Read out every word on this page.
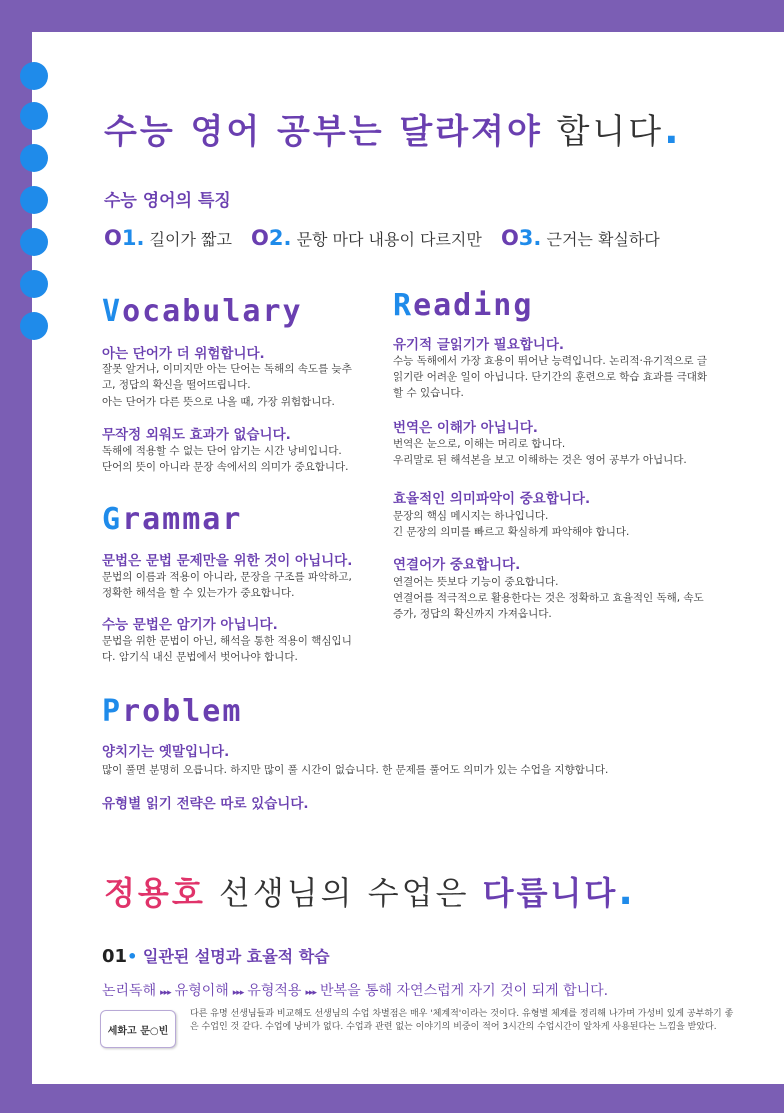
수능 영어 공부는 달라져야 합니다.
수능 영어의 특징
O1. 길이가 짧고 O2. 문항 마다 내용이 다르지만 O3. 근거는 확실하다
Vocabulary
아는 단어가 더 위험합니다.
잘못 알거나, 이미지만 아는 단어는 독해의 속도를 늦추고, 정답의 확신을 떨어뜨립니다.
아는 단어가 다른 뜻으로 나올 때, 가장 위험합니다.
무작정 외워도 효과가 없습니다.
독해에 적용할 수 없는 단어 암기는 시간 낭비입니다.
단어의 뜻이 아니라 문장 속에서의 의미가 중요합니다.
Grammar
문법은 문법 문제만을 위한 것이 아닙니다.
문법의 이름과 적용이 아니라, 문장을 구조를 파악하고, 정확한 해석을 할 수 있는가가 중요합니다.
수능 문법은 암기가 아닙니다.
문법을 위한 문법이 아닌, 해석을 통한 적용이 핵심입니다. 암기식 내신 문법에서 벗어나야 합니다.
Problem
양치기는 옛말입니다.
많이 풀면 분명히 오릅니다. 하지만 많이 풀 시간이 없습니다. 한 문제를 풀어도 의미가 있는 수업을 지향합니다.
유형별 읽기 전략은 따로 있습니다.
Reading
유기적 글읽기가 필요합니다.
수능 독해에서 가장 효용이 뛰어난 능력입니다. 논리적·유기적으로 글 읽기란 어려운 일이 아닙니다. 단기간의 훈련으로 학습 효과를 극대화할 수 있습니다.
번역은 이해가 아닙니다.
번역은 눈으로, 이해는 머리로 합니다.
우리말로 된 해석본을 보고 이해하는 것은 영어 공부가 아닙니다.
효율적인 의미파악이 중요합니다.
문장의 핵심 메시지는 하나입니다.
긴 문장의 의미를 빠르고 확실하게 파악해야 합니다.
연결어가 중요합니다.
연결어는 뜻보다 기능이 중요합니다.
연결어를 적극적으로 활용한다는 것은 정확하고 효율적인 독해, 속도 증가, 정답의 확신까지 가져옵니다.
정용호 선생님의 수업은 다릅니다.
01• 일관된 설명과 효율적 학습
논리독해 ▸▸▸ 유형이해 ▸▸▸ 유형적용 ▸▸▸ 반복을 통해 자연스럽게 자기 것이 되게 합니다.
세화고 문○빈
다른 유명 선생님들과 비교해도 선생님의 수업 차별점은 매우 '체계적'이라는 것이다. 유형별 체계를 정리해 나가며 가성비 있게 공부하기 좋은 수업인 것 같다. 수업에 낭비가 없다. 수업과 관련 없는 이야기의 비중이 적어 3시간의 수업시간이 알차게 사용된다는 느낌을 받았다.
